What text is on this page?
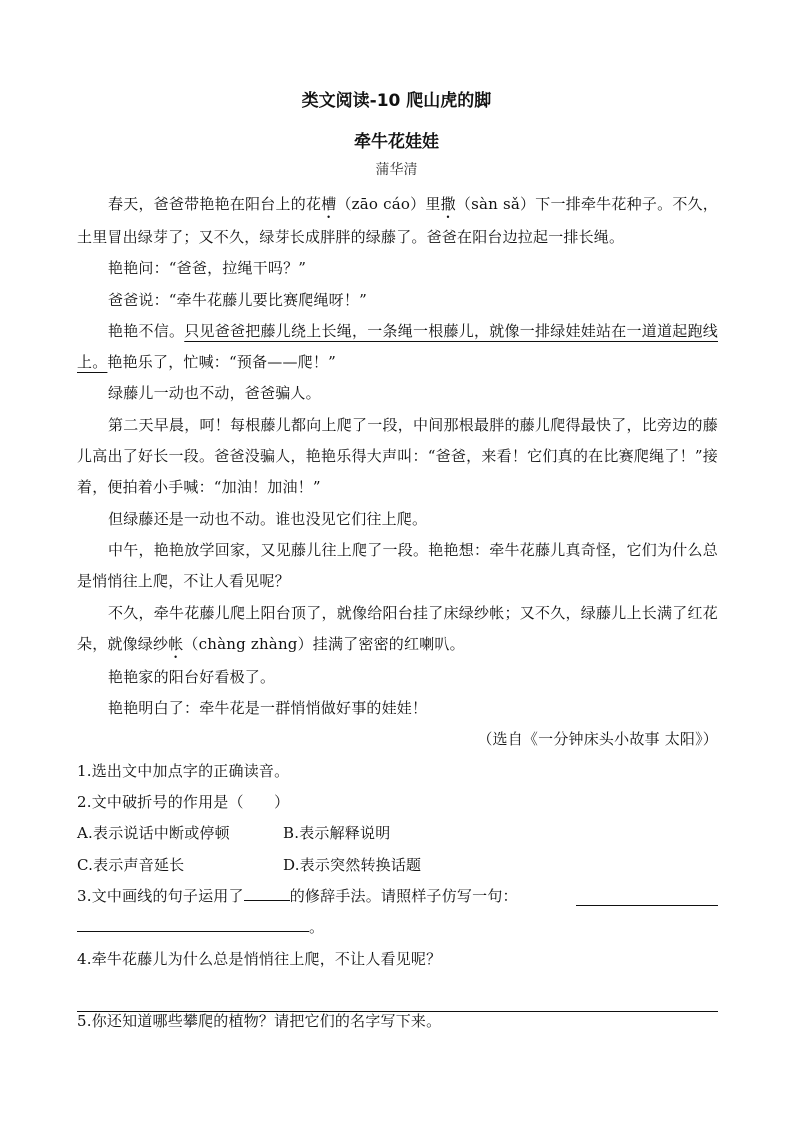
类文阅读-10 爬山虎的脚
牵牛花娃娃
蒲华清

春天，爸爸带艳艳在阳台上的花槽（zāo cáo）里撒（sàn sǎ）下一排牵牛花种子。不久，土里冒出绿芽了；又不久，绿芽长成胖胖的绿藤了。爸爸在阳台边拉起一排长绳。

艳艳问：“爸爸，拉绳干吗？”

爸爸说：“牵牛花藤儿要比赛爬绳呀！”

艳艳不信。只见爸爸把藤儿绕上长绳，一条绳一根藤儿，就像一排绿娃娃站在一道道起跑线上。艳艳乐了，忙喊：“预备——爬！”

绿藤儿一动也不动，爸爸骗人。

第二天早晨，呵！每根藤儿都向上爬了一段，中间那根最胖的藤儿爬得最快了，比旁边的藤儿高出了好长一段。爸爸没骗人，艳艳乐得大声叫：“爸爸，来看！它们真的在比赛爬绳了！”接着，便拍着小手喊：“加油！加油！”

但绿藤还是一动也不动。谁也没见它们往上爬。

中午，艳艳放学回家，又见藤儿往上爬了一段。艳艳想：牵牛花藤儿真奇怪，它们为什么总是悄悄往上爬，不让人看见呢？

不久，牵牛花藤儿爬上阳台顶了，就像给阳台挂了床绿纱帐；又不久，绿藤儿上长满了红花朵，就像绿纱帐（chàng zhàng）挂满了密密的红喇叭。

艳艳家的阳台好看极了。

艳艳明白了：牵牛花是一群悄悄做好事的娃娃！

（选自《一分钟床头小故事 太阳》）

1.选出文中加点字的正确读音。

2.文中破折号的作用是（　　）

A.表示说话中断或停顿	B.表示解释说明

C.表示声音延长	D.表示突然转换话题

3.文中画线的句子运用了	的修辞手法。请照样子仿写一句：

。

4.牵牛花藤儿为什么总是悄悄往上爬，不让人看见呢？

5.你还知道哪些攀爬的植物？请把它们的名字写下来。
